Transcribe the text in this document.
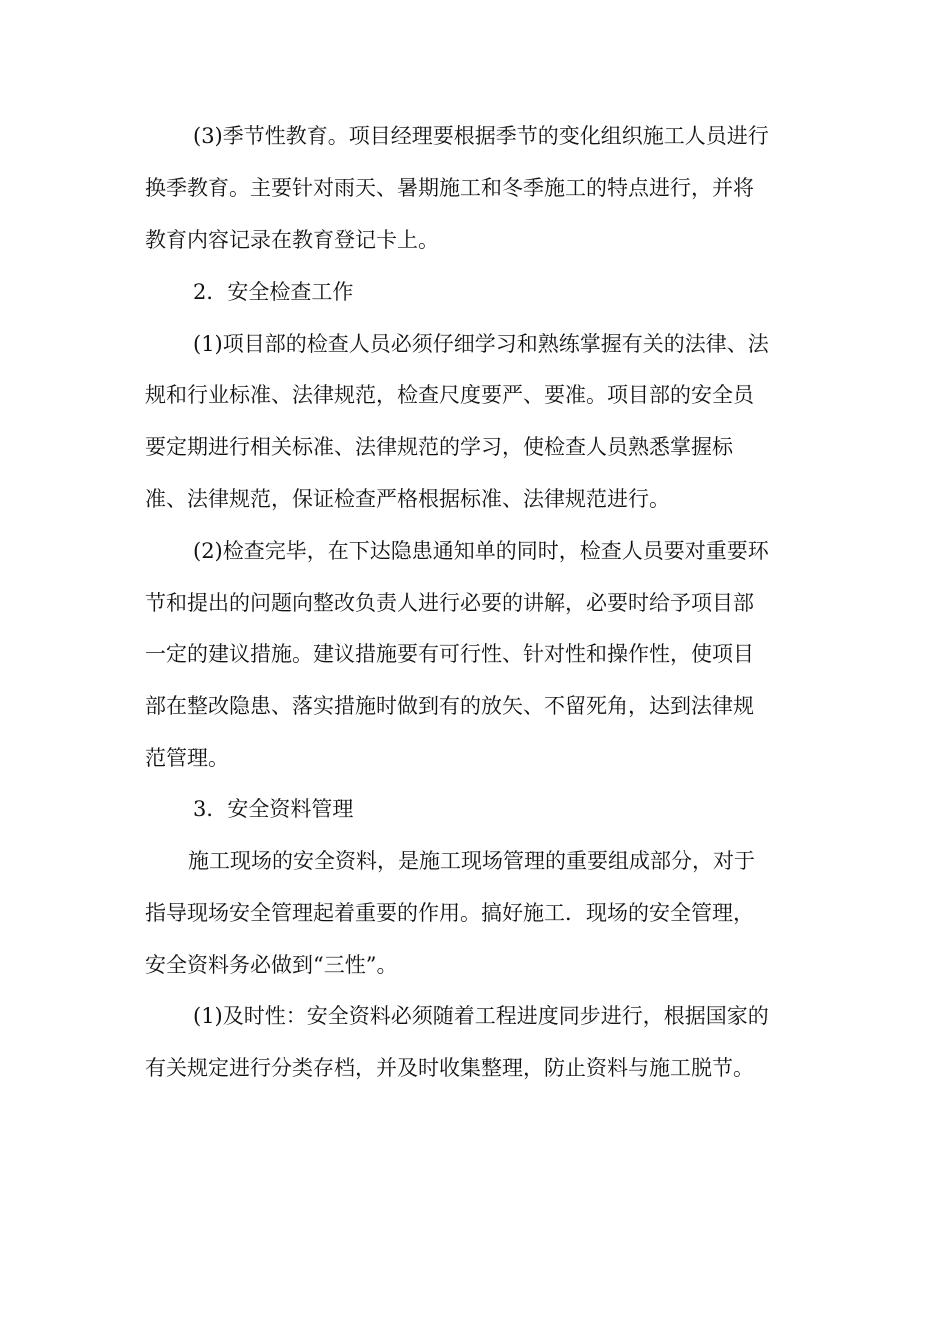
(3)季节性教育。项目经理要根据季节的变化组织施工人员进行
换季教育。主要针对雨天、暑期施工和冬季施工的特点进行，并将
教育内容记录在教育登记卡上。
2．安全检查工作
(1)项目部的检查人员必须仔细学习和熟练掌握有关的法律、法
规和行业标准、法律规范，检查尺度要严、要准。项目部的安全员
要定期进行相关标准、法律规范的学习，使检查人员熟悉掌握标
准、法律规范，保证检查严格根据标准、法律规范进行。
(2)检查完毕，在下达隐患通知单的同时，检查人员要对重要环
节和提出的问题向整改负责人进行必要的讲解，必要时给予项目部
一定的建议措施。建议措施要有可行性、针对性和操作性，使项目
部在整改隐患、落实措施时做到有的放矢、不留死角，达到法律规
范管理。
3．安全资料管理
施工现场的安全资料，是施工现场管理的重要组成部分，对于
指导现场安全管理起着重要的作用。搞好施工．现场的安全管理，
安全资料务必做到“三性”。
(1)及时性：安全资料必须随着工程进度同步进行，根据国家的
有关规定进行分类存档，并及时收集整理，防止资料与施工脱节。
